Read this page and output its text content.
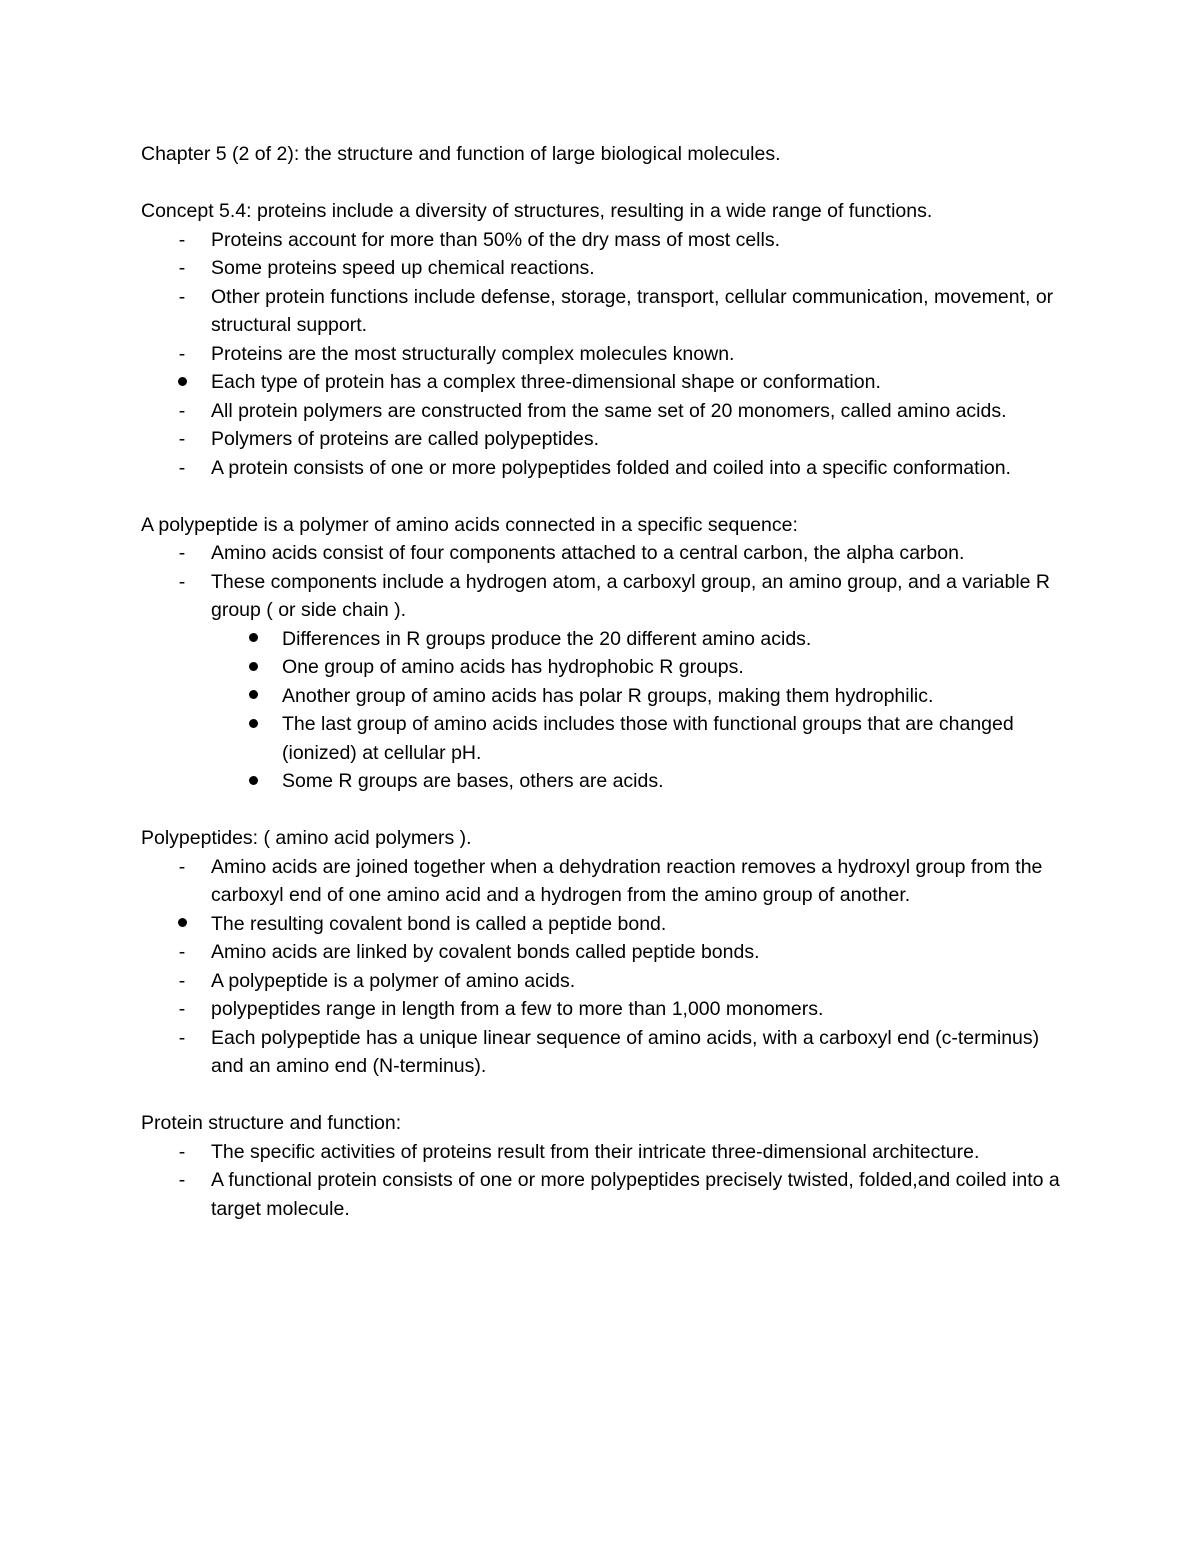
Chapter 5 (2 of 2): the structure and function of large biological molecules.

Concept 5.4: proteins include a diversity of structures, resulting in a wide range of functions.

- Proteins account for more than 50% of the dry mass of most cells.
- Some proteins speed up chemical reactions.
- Other protein functions include defense, storage, transport, cellular communication, movement, or structural support.
- Proteins are the most structurally complex molecules known.
Each type of protein has a complex three-dimensional shape or conformation.
- All protein polymers are constructed from the same set of 20 monomers, called amino acids.
- Polymers of proteins are called polypeptides.
- A protein consists of one or more polypeptides folded and coiled into a specific conformation.

A polypeptide is a polymer of amino acids connected in a specific sequence:

- Amino acids consist of four components attached to a central carbon, the alpha carbon.
- These components include a hydrogen atom, a carboxyl group, an amino group, and a variable R group ( or side chain ).
Differences in R groups produce the 20 different amino acids.
One group of amino acids has hydrophobic R groups.
Another group of amino acids has polar R groups, making them hydrophilic.
The last group of amino acids includes those with functional groups that are changed (ionized) at cellular pH.
Some R groups are bases, others are acids.

Polypeptides: ( amino acid polymers ).

- Amino acids are joined together when a dehydration reaction removes a hydroxyl group from the carboxyl end of one amino acid and a hydrogen from the amino group of another.
The resulting covalent bond is called a peptide bond.
- Amino acids are linked by covalent bonds called peptide bonds.
- A polypeptide is a polymer of amino acids.
- polypeptides range in length from a few to more than 1,000 monomers.
- Each polypeptide has a unique linear sequence of amino acids, with a carboxyl end (c-terminus) and an amino end (N-terminus).

Protein structure and function:

- The specific activities of proteins result from their intricate three-dimensional architecture.
- A functional protein consists of one or more polypeptides precisely twisted, folded,and coiled into a target molecule.
